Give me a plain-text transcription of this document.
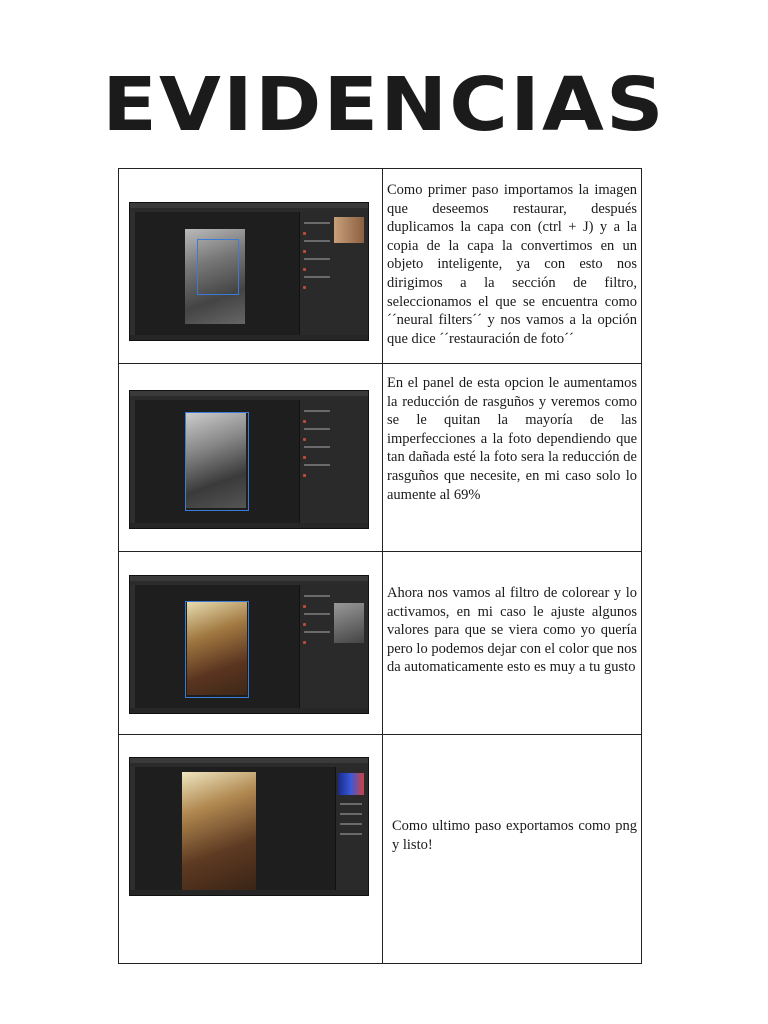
EVIDENCIAS
Como primer paso importamos la imagen que deseemos restaurar, después duplicamos la capa con (ctrl + J) y a la copia de la capa la convertimos en un objeto inteligente, ya con esto nos dirigimos a la sección de filtro, seleccionamos el que se encuentra como ´´neural filters´´ y nos vamos a la opción que dice ´´restauración de foto´´
En el panel de esta opcion le aumentamos la reducción de rasguños y veremos como se le quitan la mayoría de las imperfecciones a la foto dependiendo que tan dañada esté la foto sera la reducción de rasguños que necesite, en mi caso solo lo aumente al 69%
Ahora nos vamos al filtro de colorear y lo activamos, en mi caso le ajuste algunos valores para que se viera como yo quería pero lo podemos dejar con el color que nos da automaticamente esto es muy a tu gusto
Como ultimo paso exportamos como png y listo!
